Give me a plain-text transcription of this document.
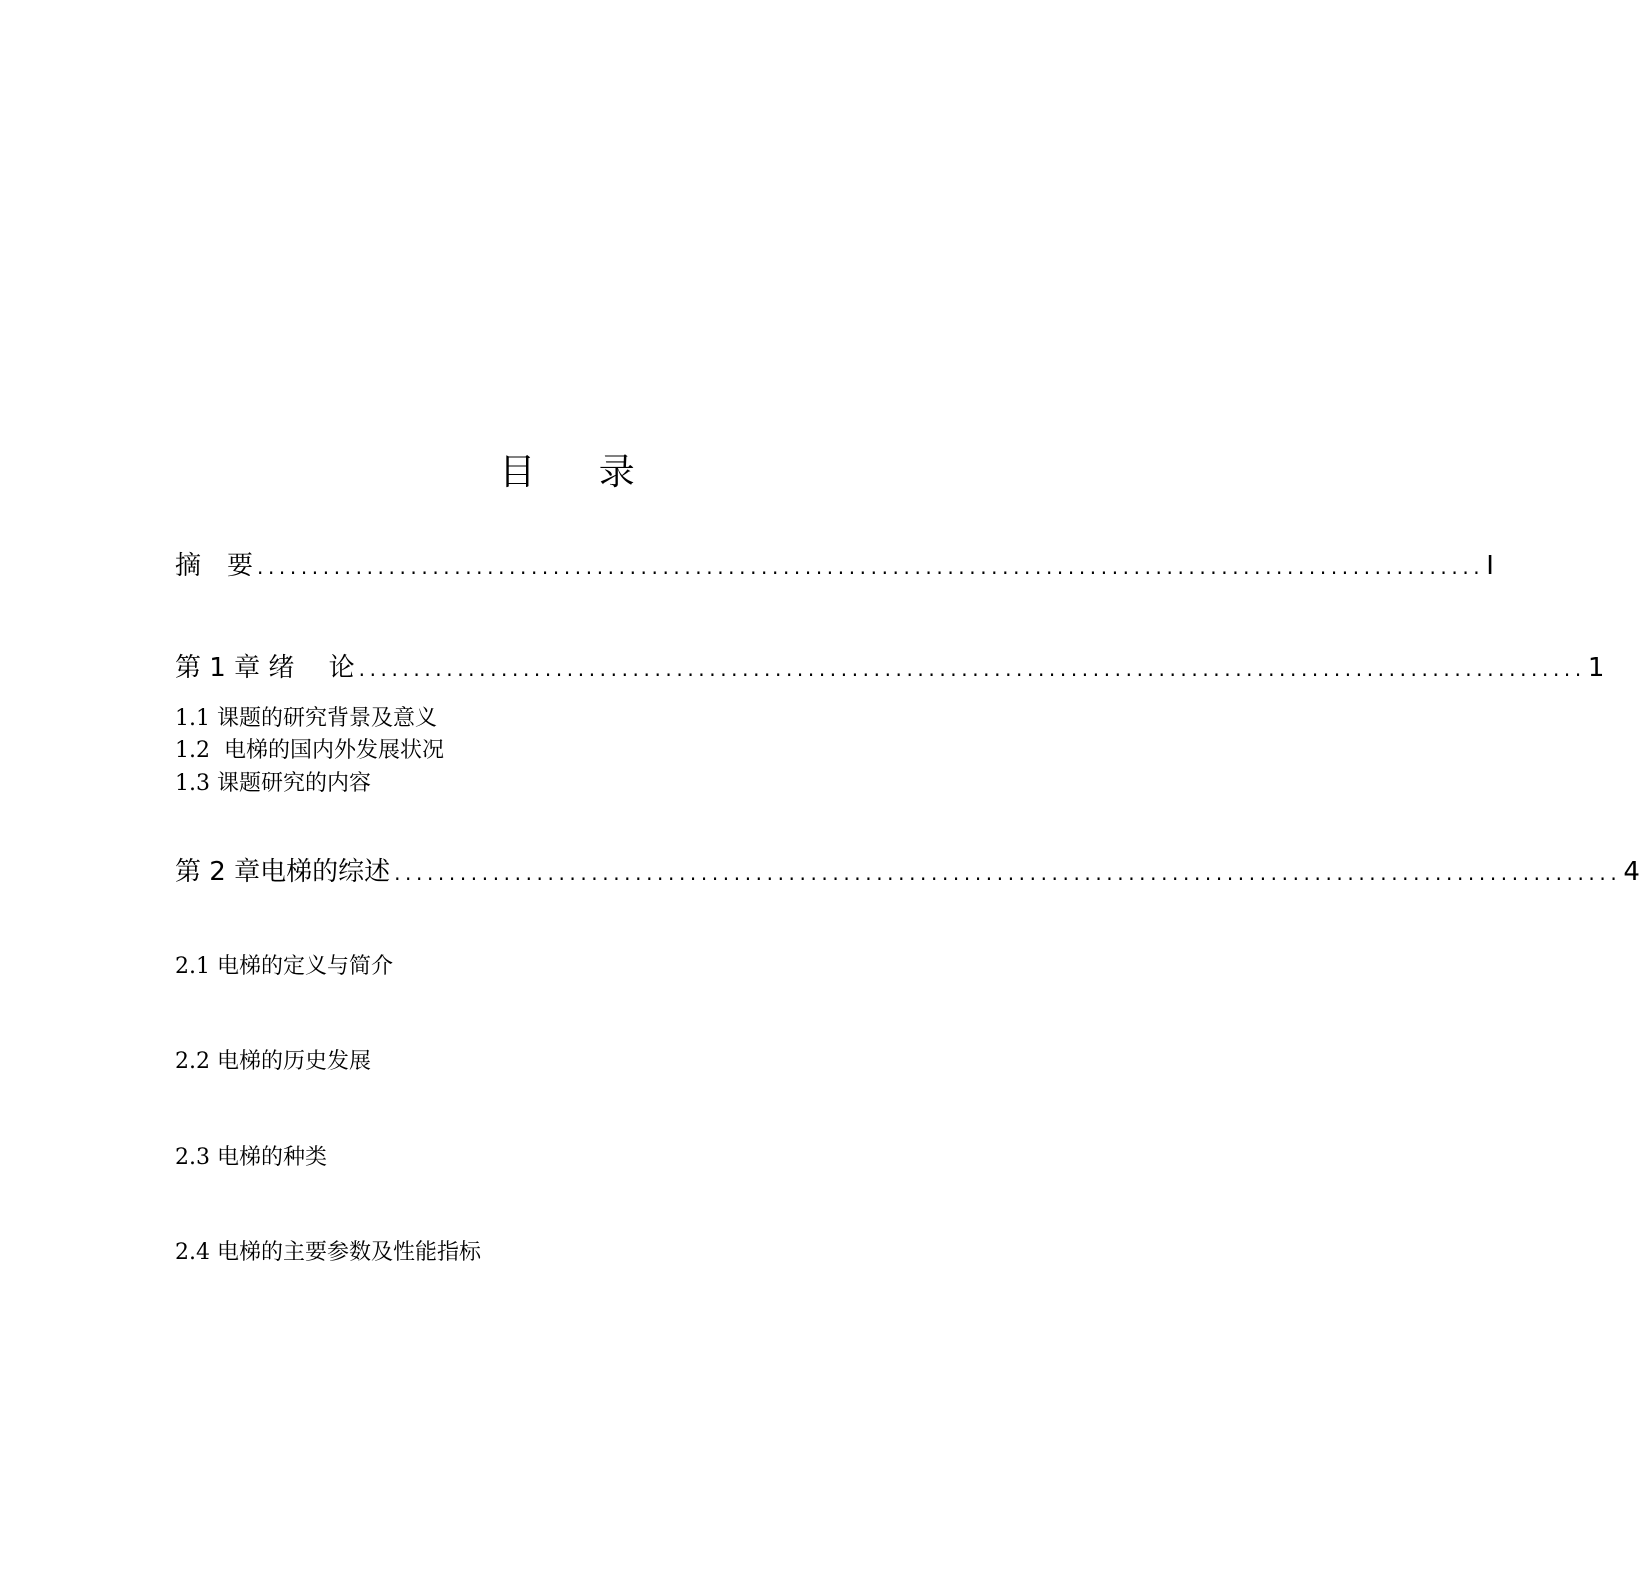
目 录
摘　要 ................................................................................................................ I
第 1 章 绪　 论 ................................................................................................................ 1
1.1 课题的研究背景及意义
1.2  电梯的国内外发展状况
1.3 课题研究的内容
第 2 章电梯的综述 ................................................................................................................ 4
2.1 电梯的定义与简介
2.2 电梯的历史发展
2.3 电梯的种类
2.4 电梯的主要参数及性能指标
